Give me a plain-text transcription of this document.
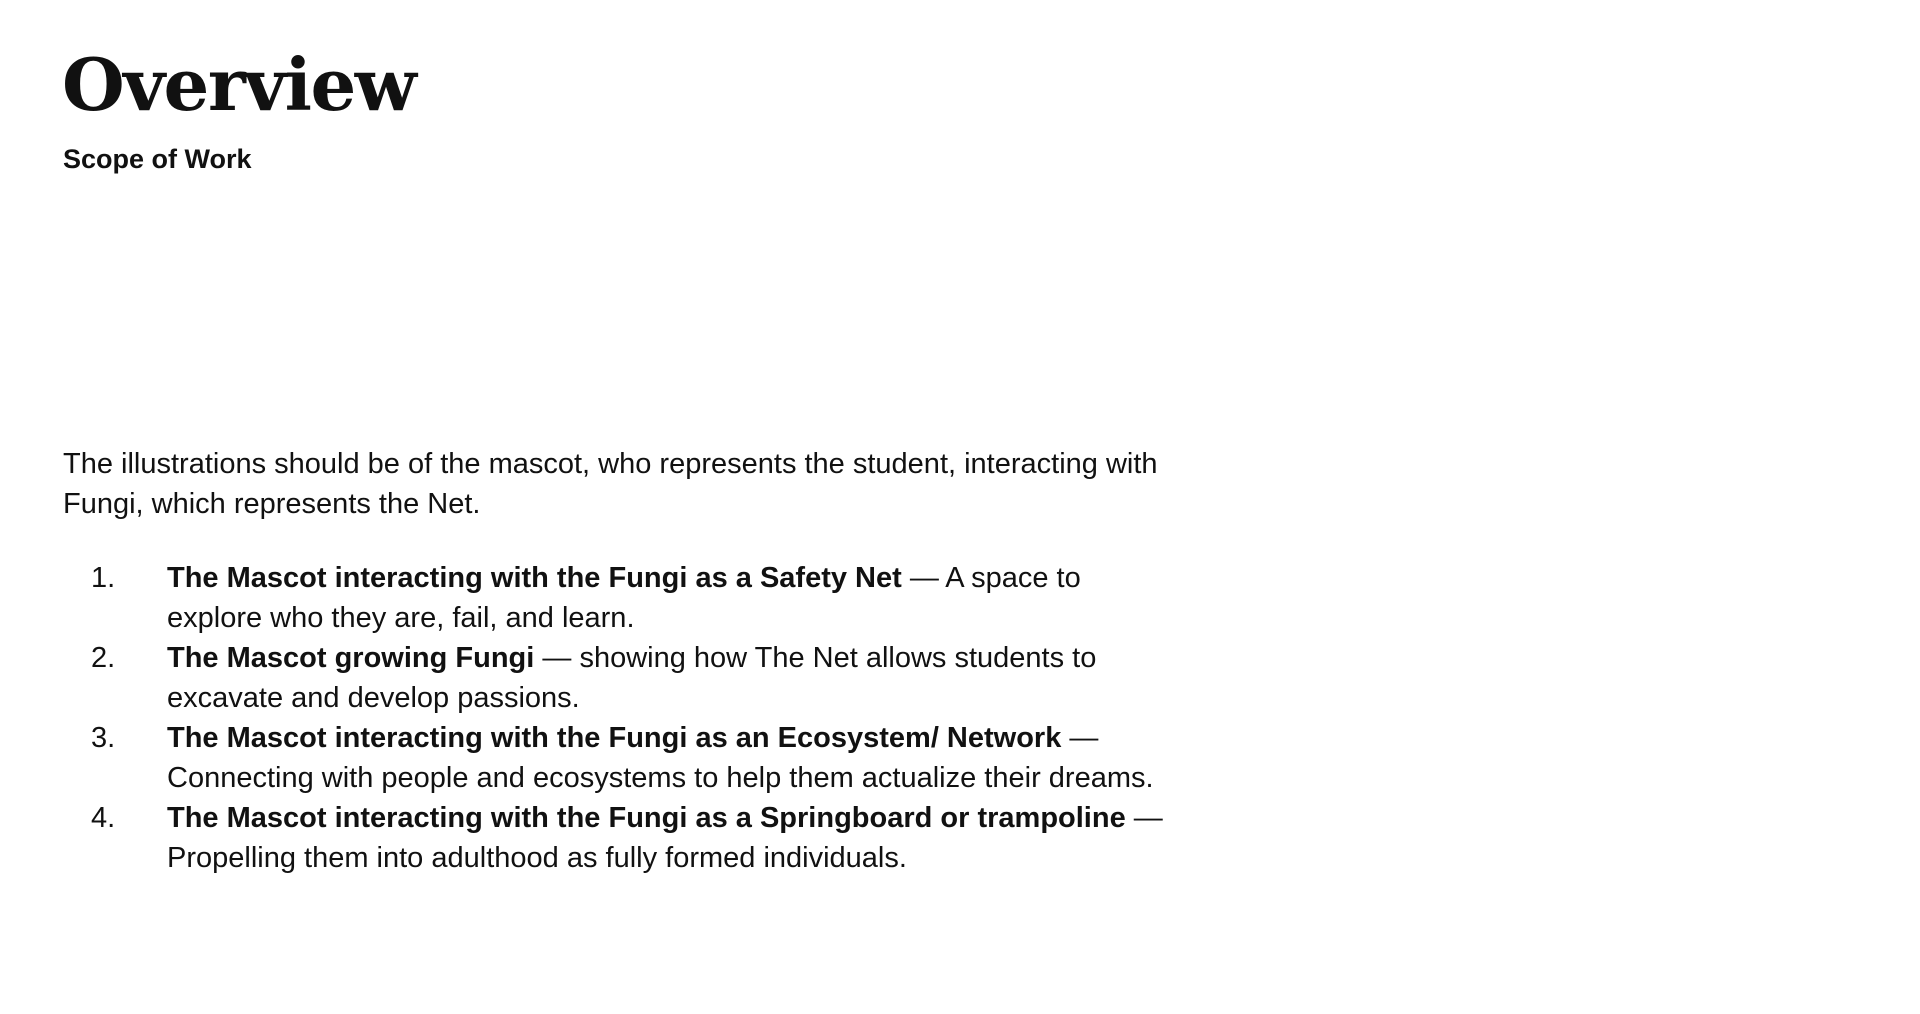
Overview
Scope of Work

The illustrations should be of the mascot, who represents the student, interacting with Fungi, which represents the Net.

1.	The Mascot interacting with the Fungi as a Safety Net — A space to explore who they are, fail, and learn.
2.	The Mascot growing Fungi — showing how The Net allows students to excavate and develop passions.
3.	The Mascot interacting with the Fungi as an Ecosystem/ Network — Connecting with people and ecosystems to help them actualize their dreams.
4.	The Mascot interacting with the Fungi as a Springboard or trampoline — Propelling them into adulthood as fully formed individuals.
